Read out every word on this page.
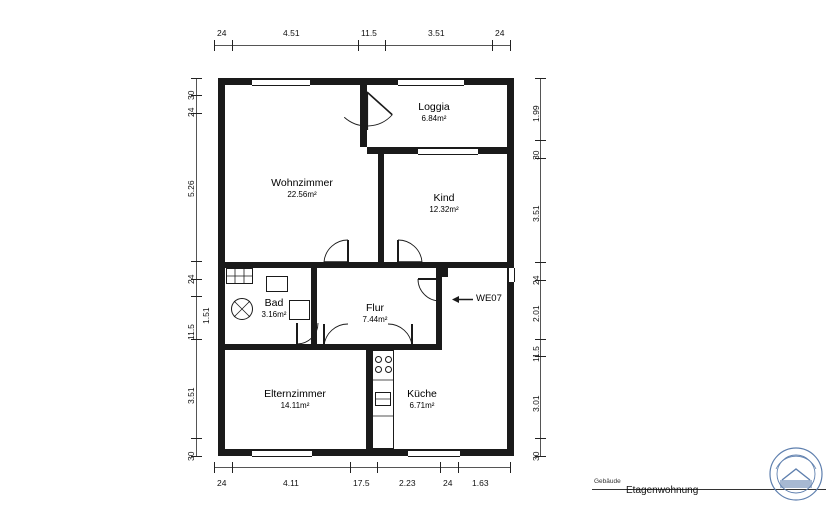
24	4.51	11.5	3.51	24
24	4.11	17.5	2.23	24 1.63
30
24
5.26
24
11.5
1.51
3.51
30
1.99
30
3.51
24
2.01
11.5
3.01
30
Loggia
6.84m²
Wohnzimmer
22.56m²	Kind
12.32m²
Bad
3.16m²
Flur
7.44m²
WE07
Elternzimmer
14.11m²
Küche
6.71m²
Gebäude
Etagenwohnung
